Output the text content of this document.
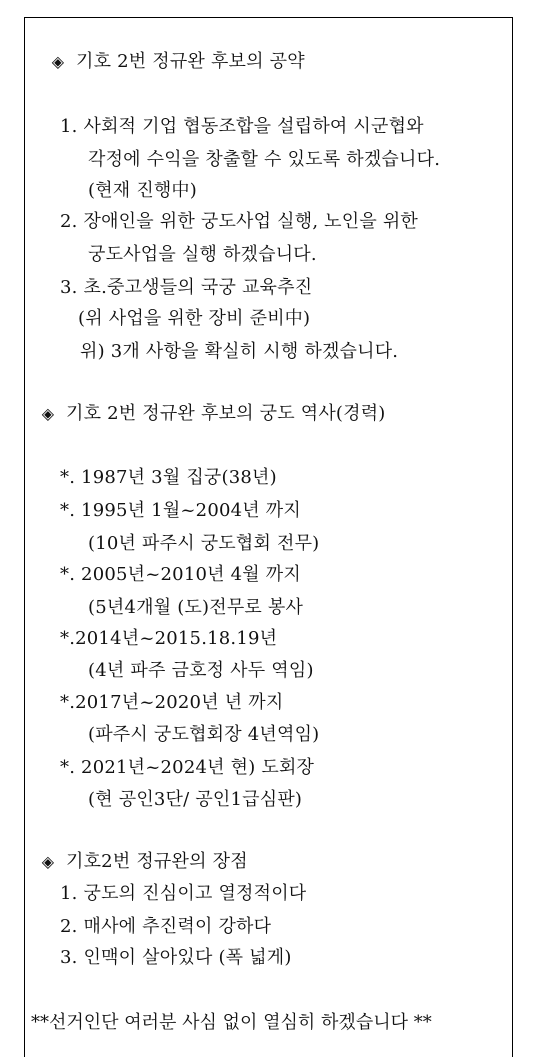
◈ 기호 2번 정규완 후보의 공약
1. 사회적 기업 협동조합을 설립하여 시군협와
각정에 수익을 창출할 수 있도록 하겠습니다.
(현재 진행中)
2. 장애인을 위한 궁도사업 실행, 노인을 위한
궁도사업을 실행 하겠습니다.
3. 초.중고생들의 국궁 교육추진
(위 사업을 위한 장비 준비中)
위) 3개 사항을 확실히 시행 하겠습니다.
◈ 기호 2번 정규완 후보의 궁도 역사(경력)
*. 1987년 3월 집궁(38년)
*. 1995년 1월~2004년 까지
(10년 파주시 궁도협회 전무)
*. 2005년~2010년 4월 까지
(5년4개월 (도)전무로 봉사
*.2014년~2015.18.19년
(4년 파주 금호정 사두 역임)
*.2017년~2020년 년 까지
(파주시 궁도협회장 4년역임)
*. 2021년~2024년 현) 도회장
(현 공인3단/ 공인1급심판)
◈ 기호2번 정규완의 장점
1. 궁도의 진심이고 열정적이다
2. 매사에 추진력이 강하다
3. 인맥이 살아있다 (폭 넓게)
**선거인단 여러분 사심 없이 열심히 하겠습니다 **
